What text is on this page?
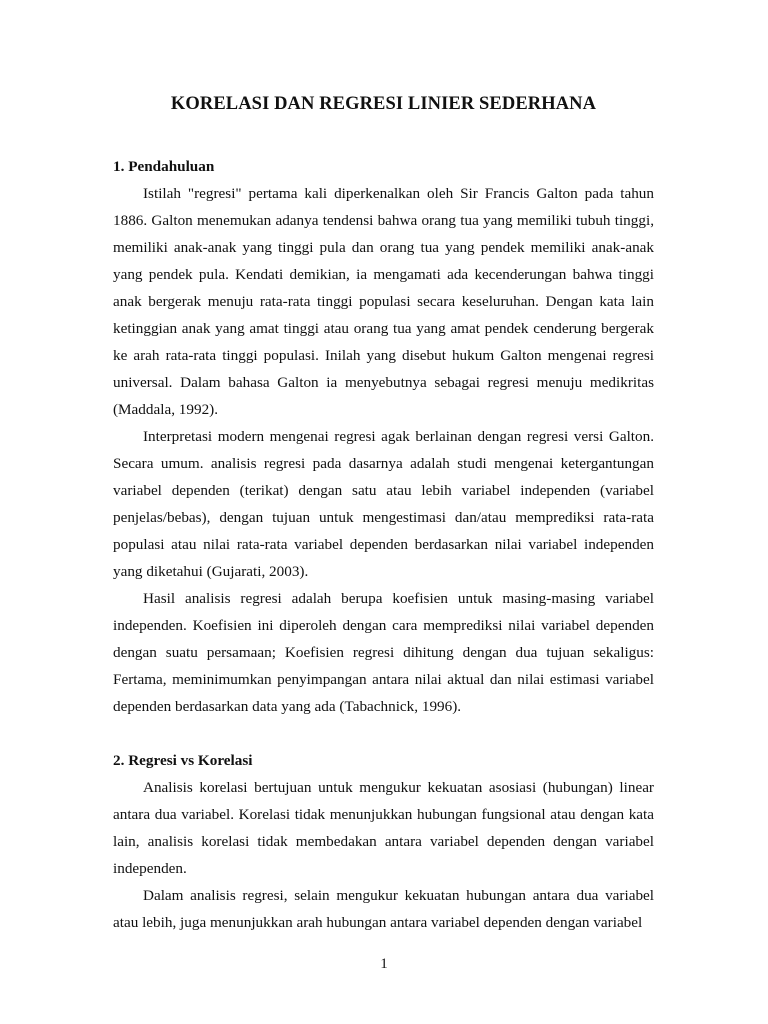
KORELASI DAN REGRESI LINIER SEDERHANA
1. Pendahuluan

Istilah "regresi" pertama kali diperkenalkan oleh Sir Francis Galton pada tahun 1886. Galton menemukan adanya tendensi bahwa orang tua yang memiliki tubuh tinggi, memiliki anak-anak yang tinggi pula dan orang tua yang pendek memiliki anak-anak yang pendek pula. Kendati demikian, ia mengamati ada kecenderungan bahwa tinggi anak bergerak menuju rata-rata tinggi populasi secara keseluruhan. Dengan kata lain ketinggian anak yang amat tinggi atau orang tua yang amat pendek cenderung bergerak ke arah rata-rata tinggi populasi. Inilah yang disebut hukum Galton mengenai regresi universal. Dalam bahasa Galton ia menyebutnya sebagai regresi menuju medikritas (Maddala, 1992).

Interpretasi modern mengenai regresi agak berlainan dengan regresi versi Galton. Secara umum. analisis regresi pada dasarnya adalah studi mengenai ketergantungan variabel dependen (terikat) dengan satu atau lebih variabel independen (variabel penjelas/bebas), dengan tujuan untuk mengestimasi dan/atau memprediksi rata-rata populasi atau nilai rata-rata variabel dependen berdasarkan nilai variabel independen yang diketahui (Gujarati, 2003).

Hasil analisis regresi adalah berupa koefisien untuk masing-masing variabel independen. Koefisien ini diperoleh dengan cara memprediksi nilai variabel dependen dengan suatu persamaan; Koefisien regresi dihitung dengan dua tujuan sekaligus: Fertama, meminimumkan penyimpangan antara nilai aktual dan nilai estimasi variabel dependen berdasarkan data yang ada (Tabachnick, 1996).

2. Regresi vs Korelasi

Analisis korelasi bertujuan untuk mengukur kekuatan asosiasi (hubungan) linear antara dua variabel. Korelasi tidak menunjukkan hubungan fungsional atau dengan kata lain, analisis korelasi tidak membedakan antara variabel dependen dengan variabel independen.

Dalam analisis regresi, selain mengukur kekuatan hubungan antara dua variabel atau lebih, juga menunjukkan arah hubungan antara variabel dependen dengan variabel

1
